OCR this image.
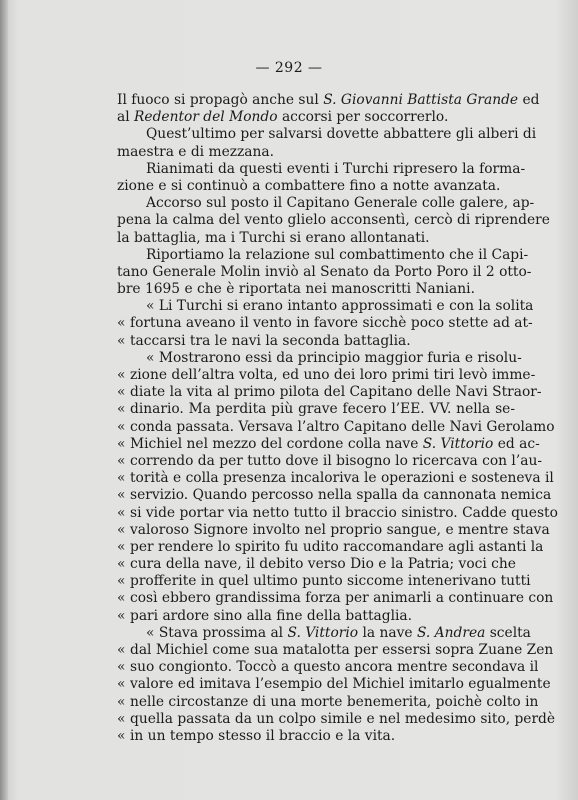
— 292 —
Il fuoco si propagò anche sul S. Giovanni Battista Grande ed
al Redentor del Mondo accorsi per soccorrerlo.
Quest’ultimo per salvarsi dovette abbattere gli alberi di
maestra e di mezzana.
Rianimati da questi eventi i Turchi ripresero la forma-
zione e si continuò a combattere fino a notte avanzata.
Accorso sul posto il Capitano Generale colle galere, ap-
pena la calma del vento glielo acconsentì, cercò di riprendere
la battaglia, ma i Turchi si erano allontanati.
Riportiamo la relazione sul combattimento che il Capi-
tano Generale Molin inviò al Senato da Porto Poro il 2 otto-
bre 1695 e che è riportata nei manoscritti Naniani.
« Li Turchi si erano intanto approssimati e con la solita
« fortuna aveano il vento in favore sicchè poco stette ad at-
« taccarsi tra le navi la seconda battaglia.
« Mostrarono essi da principio maggior furia e risolu-
« zione dell’altra volta, ed uno dei loro primi tiri levò imme-
« diate la vita al primo pilota del Capitano delle Navi Straor-
« dinario. Ma perdita più grave fecero l’EE. VV. nella se-
« conda passata. Versava l’altro Capitano delle Navi Gerolamo
« Michiel nel mezzo del cordone colla nave S. Vittorio ed ac-
« correndo da per tutto dove il bisogno lo ricercava con l’au-
« torità e colla presenza incaloriva le operazioni e sosteneva il
« servizio. Quando percosso nella spalla da cannonata nemica
« si vide portar via netto tutto il braccio sinistro. Cadde questo
« valoroso Signore involto nel proprio sangue, e mentre stava
« per rendere lo spirito fu udito raccomandare agli astanti la
« cura della nave, il debito verso Dio e la Patria; voci che
« profferite in quel ultimo punto siccome intenerivano tutti
« così ebbero grandissima forza per animarli a continuare con
« pari ardore sino alla fine della battaglia.
« Stava prossima al S. Vittorio la nave S. Andrea scelta
« dal Michiel come sua matalotta per essersi sopra Zuane Zen
« suo congionto. Toccò a questo ancora mentre secondava il
« valore ed imitava l’esempio del Michiel imitarlo egualmente
« nelle circostanze di una morte benemerita, poichè colto in
« quella passata da un colpo simile e nel medesimo sito, perdè
« in un tempo stesso il braccio e la vita.
